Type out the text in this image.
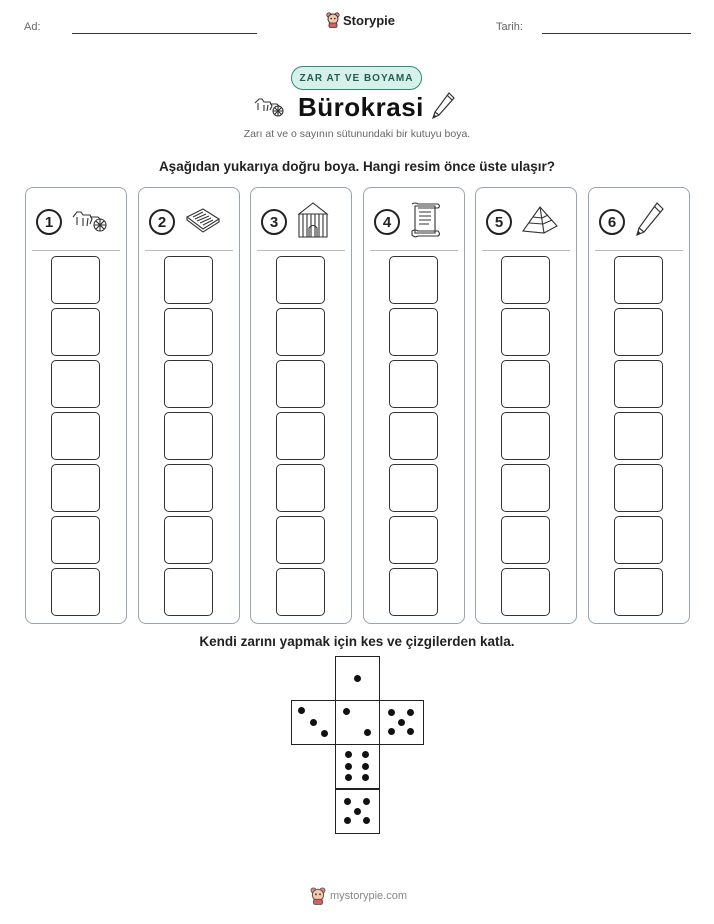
Ad:	Storypie	Tarih:
ZAR AT VE BOYAMA
Bürokrasi
Zarı at ve o sayının sütunundaki bir kutuyu boya.
Aşağıdan yukarıya doğru boya. Hangi resim önce üste ulaşır?
1	2	3	4	5	6
Kendi zarını yapmak için kes ve çizgilerden katla.
mystorypie.com
